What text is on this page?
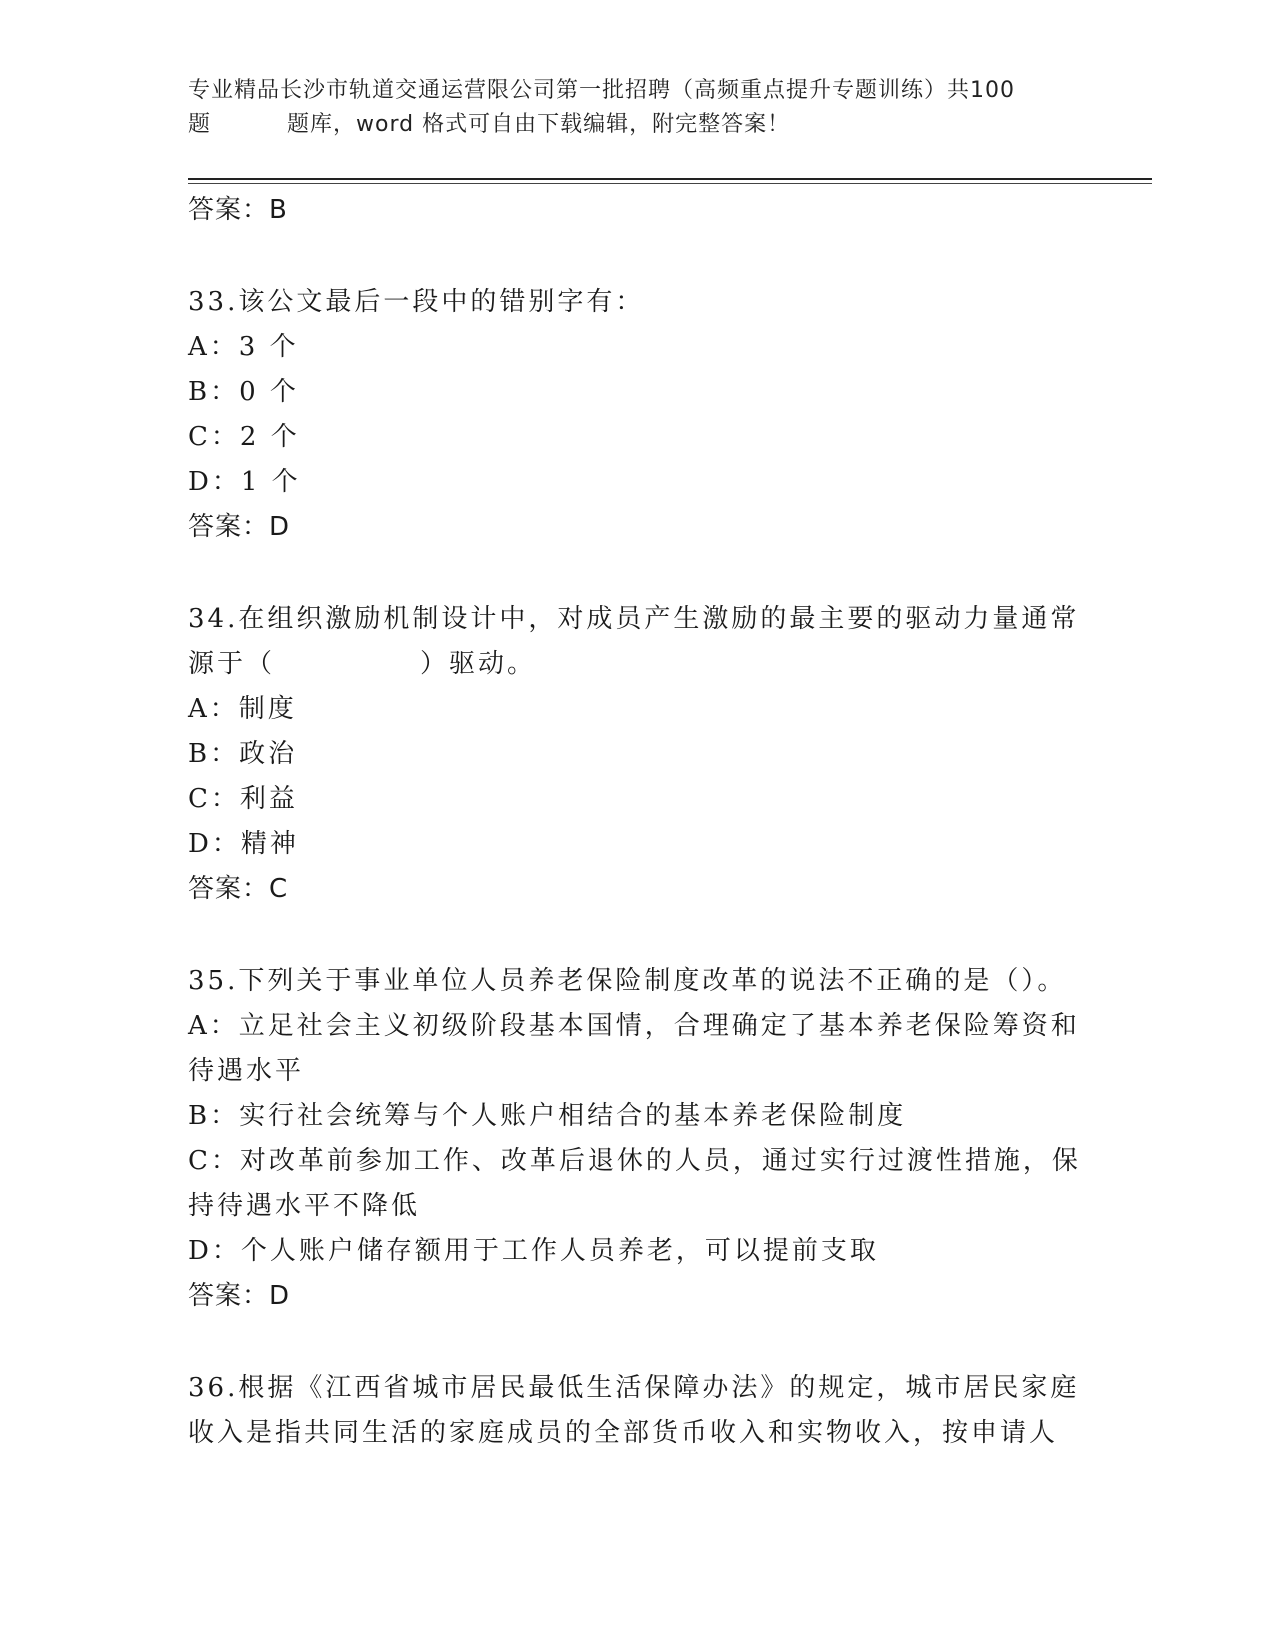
专业精品长沙市轨道交通运营限公司第一批招聘（高频重点提升专题训练）共100
题	题库，word 格式可自由下载编辑，附完整答案！
答案：B
33.该公文最后一段中的错别字有：
A：3 个
B：0 个
C：2 个
D：1 个
答案：D
34.在组织激励机制设计中，对成员产生激励的最主要的驱动力量通常源于（　　　　　）驱动。
A：制度
B：政治
C：利益
D：精神
答案：C
35.下列关于事业单位人员养老保险制度改革的说法不正确的是（）。
A：立足社会主义初级阶段基本国情，合理确定了基本养老保险筹资和待遇水平
B：实行社会统筹与个人账户相结合的基本养老保险制度
C：对改革前参加工作、改革后退休的人员，通过实行过渡性措施，保持待遇水平不降低
D：个人账户储存额用于工作人员养老，可以提前支取
答案：D
36.根据《江西省城市居民最低生活保障办法》的规定，城市居民家庭收入是指共同生活的家庭成员的全部货币收入和实物收入，按申请人
